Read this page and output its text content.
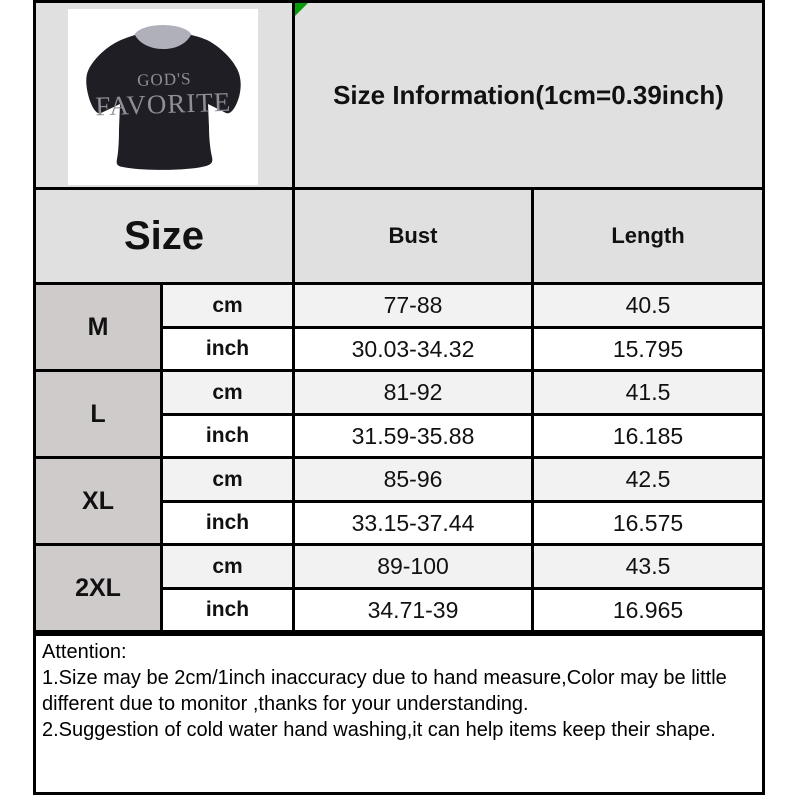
GOD'S
FAVORITE	Size Information(1cm=0.39inch)
Size	Bust	Length
M
cm	77-88	40.5
inch	30.03-34.32	15.795
L
cm	81-92	41.5
inch	31.59-35.88	16.185
XL
cm	85-96	42.5
inch	33.15-37.44	16.575
2XL
cm	89-100	43.5
inch	34.71-39	16.965

Attention:

1.Size may be 2cm/1inch inaccuracy due to hand measure,Color may be little different due to monitor ,thanks for your understanding.

2.Suggestion of cold water hand washing,it can help items keep their shape.
